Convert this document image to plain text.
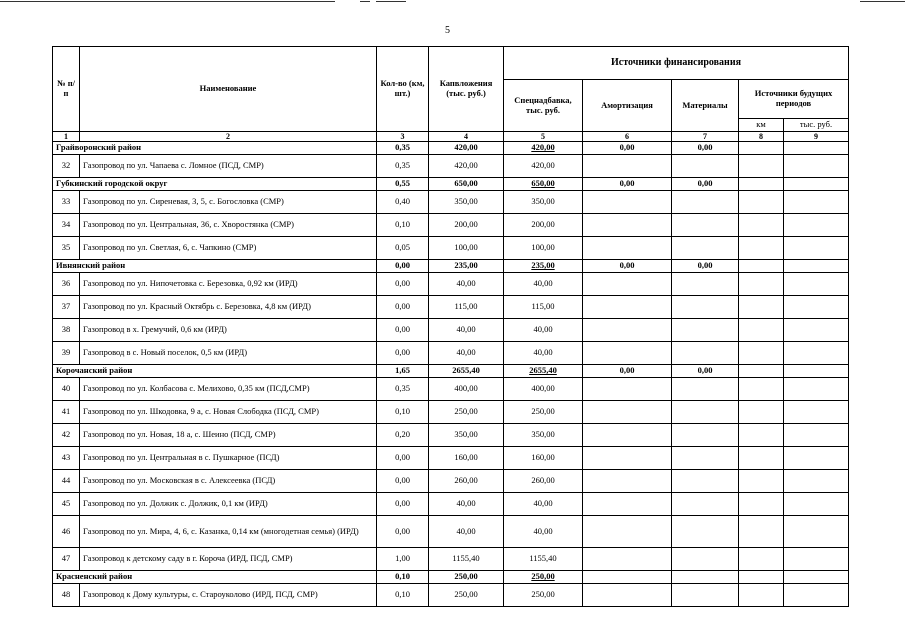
5
№ п/п	Наименование	Кол-во (км, шт.)	Капвложения (тыс. руб.)	Источники финансирования				
				Спецнадбавка, тыс. руб.	Амортизация	Материалы	Источники будущих периодов	
							км	тыс. руб.
1	2	3	4	5	6	7	8	9
Грайворонский район		0,35	420,00	420,00	0,00	0,00		
32	Газопровод по ул. Чапаева с. Ломное (ПСД, СМР)	0,35	420,00	420,00				
Губкинский городской округ		0,55	650,00	650,00	0,00	0,00		
33	Газопровод по ул. Сиреневая, 3, 5, с. Богословка (СМР)	0,40	350,00	350,00				
34	Газопровод по ул. Центральная, 36, с. Хворостянка (СМР)	0,10	200,00	200,00				
35	Газопровод по ул. Светлая, 6, с. Чапкино (СМР)	0,05	100,00	100,00				
Ивнянский район		0,00	235,00	235,00	0,00	0,00		
36	Газопровод по ул. Нипочетовка с. Березовка, 0,92 км (ИРД)	0,00	40,00	40,00				
37	Газопровод по ул. Красный Октябрь с. Березовка, 4,8 км (ИРД)	0,00	115,00	115,00				
38	Газопровод в х. Гремучий, 0,6 км (ИРД)	0,00	40,00	40,00				
39	Газопровод в с. Новый поселок, 0,5 км (ИРД)	0,00	40,00	40,00				
Корочанский район		1,65	2655,40	2655,40	0,00	0,00		
40	Газопровод по ул. Колбасова с. Мелихово, 0,35 км (ПСД,СМР)	0,35	400,00	400,00				
41	Газопровод по ул. Шкодовка, 9 а, с. Новая Слободка (ПСД, СМР)	0,10	250,00	250,00				
42	Газопровод по ул. Новая, 18 а, с. Шеино (ПСД, СМР)	0,20	350,00	350,00				
43	Газопровод по ул. Центральная в с. Пушкарное (ПСД)	0,00	160,00	160,00				
44	Газопровод по ул. Московская в с. Алексеевка (ПСД)	0,00	260,00	260,00				
45	Газопровод по ул. Должик с. Должик, 0,1 км (ИРД)	0,00	40,00	40,00				
46	Газопровод по ул. Мира, 4, 6, с. Казанка, 0,14 км (многодетная семья) (ИРД)	0,00	40,00	40,00				
47	Газопровод к детскому саду в г. Короча (ИРД, ПСД, СМР)	1,00	1155,40	1155,40				
Красненский район		0,10	250,00	250,00				
48	Газопровод к Дому культуры, с. Староуколово (ИРД, ПСД, СМР)	0,10	250,00	250,00				
